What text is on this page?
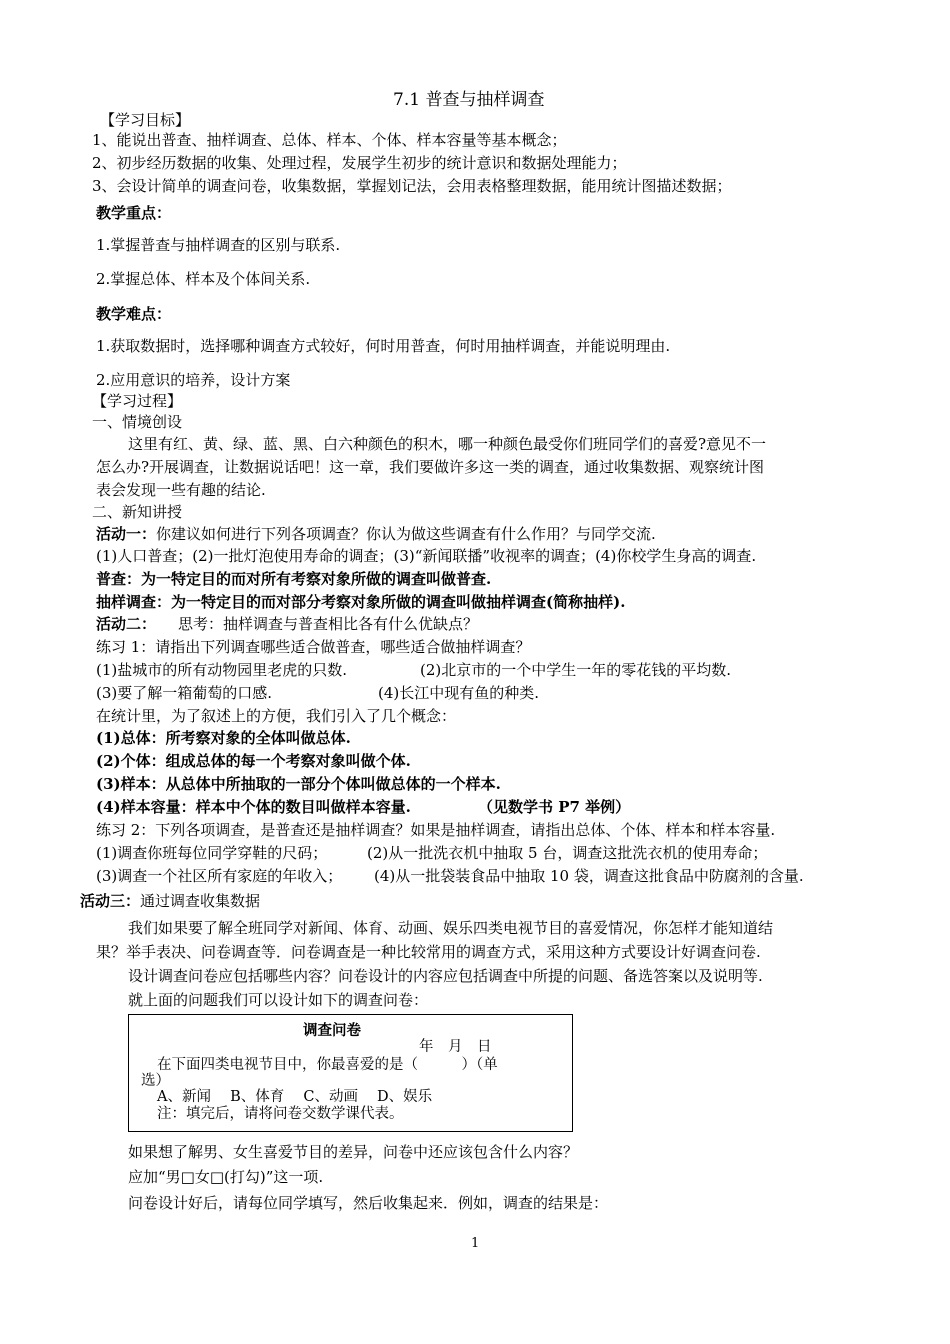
7.1 普查与抽样调查
【学习目标】
1、能说出普查、抽样调查、总体、样本、个体、样本容量等基本概念；
2、初步经历数据的收集、处理过程，发展学生初步的统计意识和数据处理能力；
3、会设计简单的调查问卷，收集数据，掌握划记法，会用表格整理数据，能用统计图描述数据；
教学重点：
1.掌握普查与抽样调查的区别与联系.
2.掌握总体、样本及个体间关系.
教学难点：
1.获取数据时，选择哪种调查方式较好，何时用普查，何时用抽样调查，并能说明理由.
2.应用意识的培养，设计方案
【学习过程】
一、情境创设
这里有红、黄、绿、蓝、黑、白六种颜色的积木，哪一种颜色最受你们班同学们的喜爱?意见不一
怎么办?开展调查，让数据说话吧！这一章，我们要做许多这一类的调查，通过收集数据、观察统计图
表会发现一些有趣的结论.
二、新知讲授
活动一：你建议如何进行下列各项调查？你认为做这些调查有什么作用？与同学交流.
(1)人口普查；(2)一批灯泡使用寿命的调查；(3)“新闻联播”收视率的调查；(4)你校学生身高的调查.
普查：为一特定目的而对所有考察对象所做的调查叫做普查.
抽样调查：为一特定目的而对部分考察对象所做的调查叫做抽样调查(简称抽样).
活动二： 思考：抽样调查与普查相比各有什么优缺点？
练习 1：请指出下列调查哪些适合做普查，哪些适合做抽样调查？
(1)盐城市的所有动物园里老虎的只数.	(2)北京市的一个中学生一年的零花钱的平均数.
(3)要了解一箱葡萄的口感.	(4)长江中现有鱼的种类.
在统计里，为了叙述上的方便，我们引入了几个概念：
(1)总体：所考察对象的全体叫做总体.
(2)个体：组成总体的每一个考察对象叫做个体.
(3)样本：从总体中所抽取的一部分个体叫做总体的一个样本.
(4)样本容量：样本中个体的数目叫做样本容量.	（见数学书 P7 举例）
练习 2：下列各项调查，是普查还是抽样调查？如果是抽样调查，请指出总体、个体、样本和样本容量.
(1)调查你班每位同学穿鞋的尺码；	(2)从一批洗衣机中抽取 5 台，调查这批洗衣机的使用寿命；
(3)调查一个社区所有家庭的年收入； (4)从一批袋装食品中抽取 10 袋，调查这批食品中防腐剂的含量.
活动三：通过调查收集数据
我们如果要了解全班同学对新闻、体育、动画、娱乐四类电视节目的喜爱情况，你怎样才能知道结
果？举手表决、问卷调查等．问卷调查是一种比较常用的调查方式，采用这种方式要设计好调查问卷.
设计调查问卷应包括哪些内容？问卷设计的内容应包括调查中所提的问题、备选答案以及说明等.
就上面的问题我们可以设计如下的调查问卷：
调查问卷
年　月　日
在下面四类电视节目中，你最喜爱的是（　　　）（单
选）
A、新闻　 B、体育　 C、动画　 D、娱乐
注：填完后，请将问卷交数学课代表。
如果想了解男、女生喜爱节目的差异，问卷中还应该包含什么内容？
应加“男□女□(打勾)”这一项.
问卷设计好后，请每位同学填写，然后收集起来．例如，调查的结果是：
1
